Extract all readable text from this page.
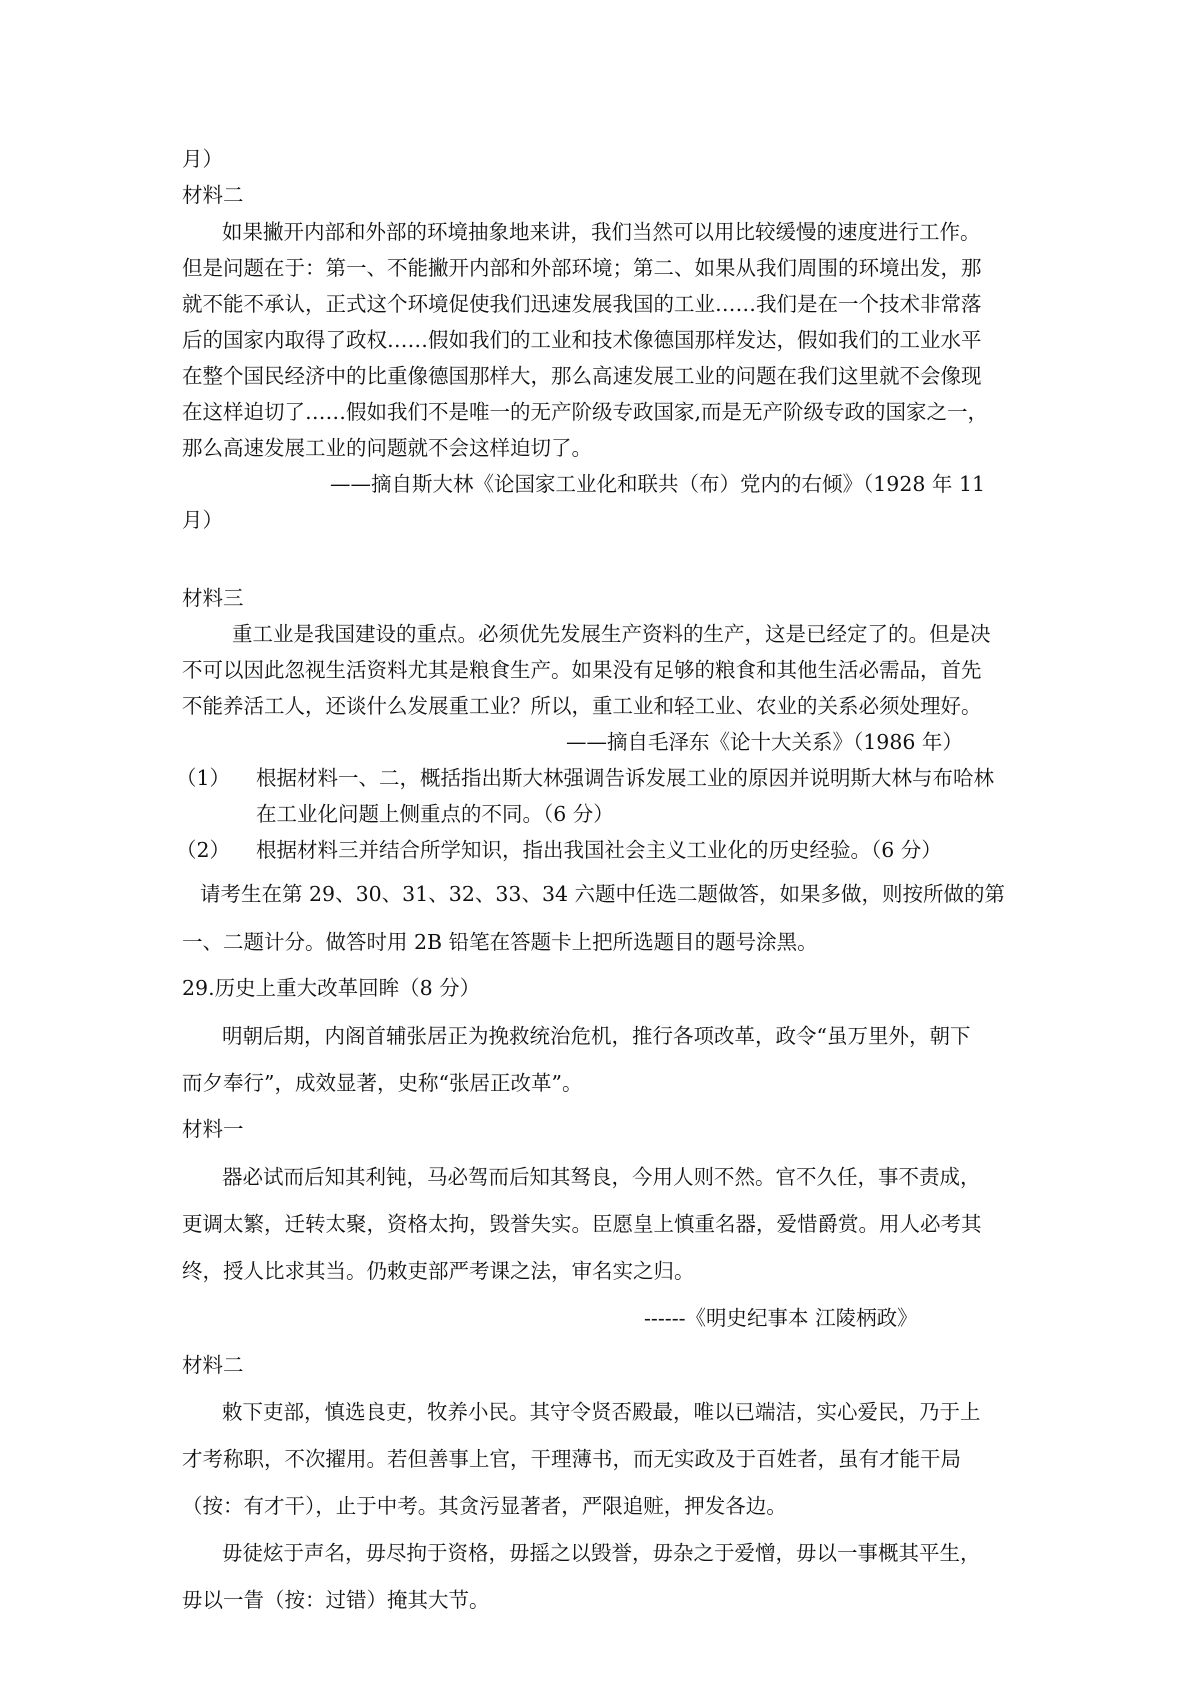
月）
材料二
如果撇开内部和外部的环境抽象地来讲，我们当然可以用比较缓慢的速度进行工作。
但是问题在于：第一、不能撇开内部和外部环境；第二、如果从我们周围的环境出发，那
就不能不承认，正式这个环境促使我们迅速发展我国的工业……我们是在一个技术非常落
后的国家内取得了政权……假如我们的工业和技术像德国那样发达，假如我们的工业水平
在整个国民经济中的比重像德国那样大，那么高速发展工业的问题在我们这里就不会像现
在这样迫切了……假如我们不是唯一的无产阶级专政国家,而是无产阶级专政的国家之一，
那么高速发展工业的问题就不会这样迫切了。
——摘自斯大林《论国家工业化和联共（布）党内的右倾》（1928 年 11
月）
材料三
重工业是我国建设的重点。必须优先发展生产资料的生产，这是已经定了的。但是决
不可以因此忽视生活资料尤其是粮食生产。如果没有足够的粮食和其他生活必需品，首先
不能养活工人，还谈什么发展重工业？所以，重工业和轻工业、农业的关系必须处理好。
——摘自毛泽东《论十大关系》（1986 年）
（1） 根据材料一、二，概括指出斯大林强调告诉发展工业的原因并说明斯大林与布哈林
在工业化问题上侧重点的不同。（6 分）
（2） 根据材料三并结合所学知识，指出我国社会主义工业化的历史经验。（6 分）
请考生在第 29、30、31、32、33、34 六题中任选二题做答，如果多做，则按所做的第
一、二题计分。做答时用 2B 铅笔在答题卡上把所选题目的题号涂黑。
29.历史上重大改革回眸（8 分）
明朝后期，内阁首辅张居正为挽救统治危机，推行各项改革，政令“虽万里外，朝下
而夕奉行”，成效显著，史称“张居正改革”。
材料一
器必试而后知其利钝，马必驾而后知其驽良，今用人则不然。官不久任，事不责成，
更调太繁，迁转太聚，资格太拘，毁誉失实。臣愿皇上慎重名器，爱惜爵赏。用人必考其
终，授人比求其当。仍敕吏部严考课之法，审名实之归。
------《明史纪事本 江陵柄政》
材料二
敕下吏部，慎选良吏，牧养小民。其守令贤否殿最，唯以已端洁，实心爱民，乃于上
才考称职，不次擢用。若但善事上官，干理薄书，而无实政及于百姓者，虽有才能干局
（按：有才干），止于中考。其贪污显著者，严限追赃，押发各边。
毋徒炫于声名，毋尽拘于资格，毋摇之以毁誉，毋杂之于爱憎，毋以一事概其平生，
毋以一眚（按：过错）掩其大节。
